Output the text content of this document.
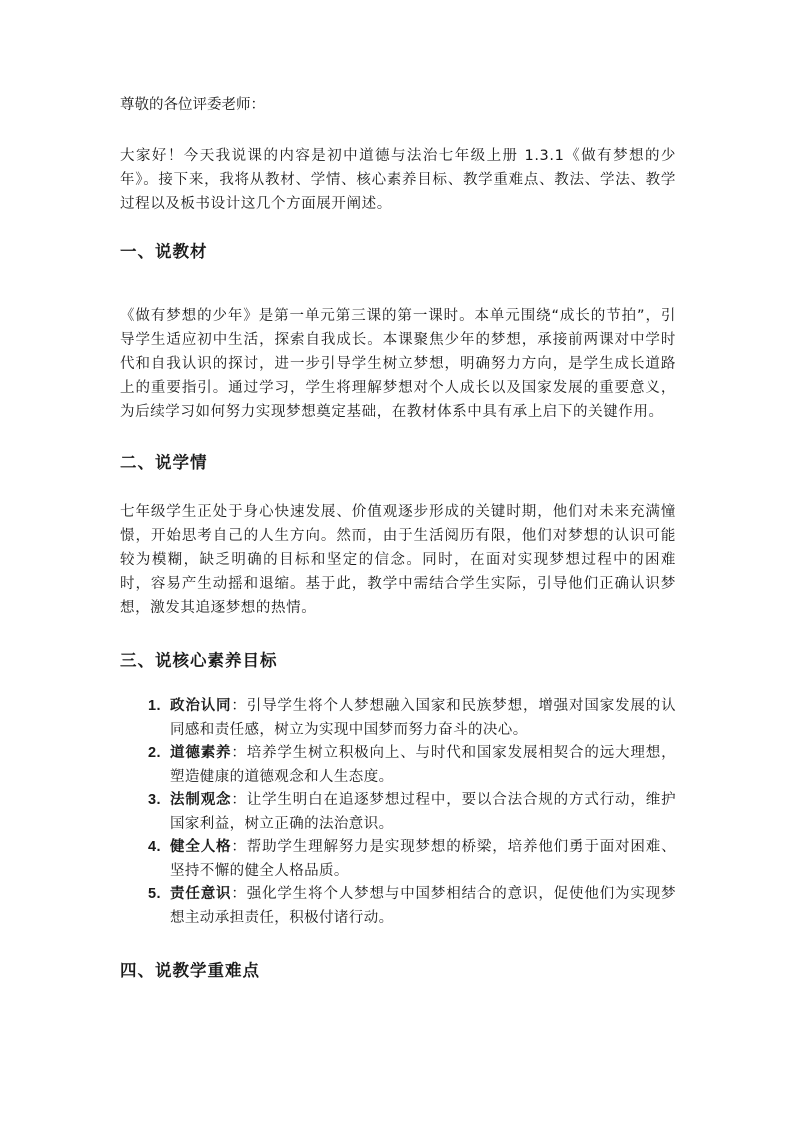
尊敬的各位评委老师：

大家好！今天我说课的内容是初中道德与法治七年级上册 1.3.1《做有梦想的少年》。接下来，我将从教材、学情、核心素养目标、教学重难点、教法、学法、教学过程以及板书设计这几个方面展开阐述。

一、说教材

《做有梦想的少年》是第一单元第三课的第一课时。本单元围绕“成长的节拍”，引导学生适应初中生活，探索自我成长。本课聚焦少年的梦想，承接前两课对中学时代和自我认识的探讨，进一步引导学生树立梦想，明确努力方向，是学生成长道路上的重要指引。通过学习，学生将理解梦想对个人成长以及国家发展的重要意义，为后续学习如何努力实现梦想奠定基础，在教材体系中具有承上启下的关键作用。

二、说学情

七年级学生正处于身心快速发展、价值观逐步形成的关键时期，他们对未来充满憧憬，开始思考自己的人生方向。然而，由于生活阅历有限，他们对梦想的认识可能较为模糊，缺乏明确的目标和坚定的信念。同时，在面对实现梦想过程中的困难时，容易产生动摇和退缩。基于此，教学中需结合学生实际，引导他们正确认识梦想，激发其追逐梦想的热情。

三、说核心素养目标
1. 政治认同：引导学生将个人梦想融入国家和民族梦想，增强对国家发展的认同感和责任感，树立为实现中国梦而努力奋斗的决心。
2. 道德素养：培养学生树立积极向上、与时代和国家发展相契合的远大理想，塑造健康的道德观念和人生态度。
3. 法制观念：让学生明白在追逐梦想过程中，要以合法合规的方式行动，维护国家利益，树立正确的法治意识。
4. 健全人格：帮助学生理解努力是实现梦想的桥梁，培养他们勇于面对困难、坚持不懈的健全人格品质。
5. 责任意识：强化学生将个人梦想与中国梦相结合的意识，促使他们为实现梦想主动承担责任，积极付诸行动。
四、说教学重难点
